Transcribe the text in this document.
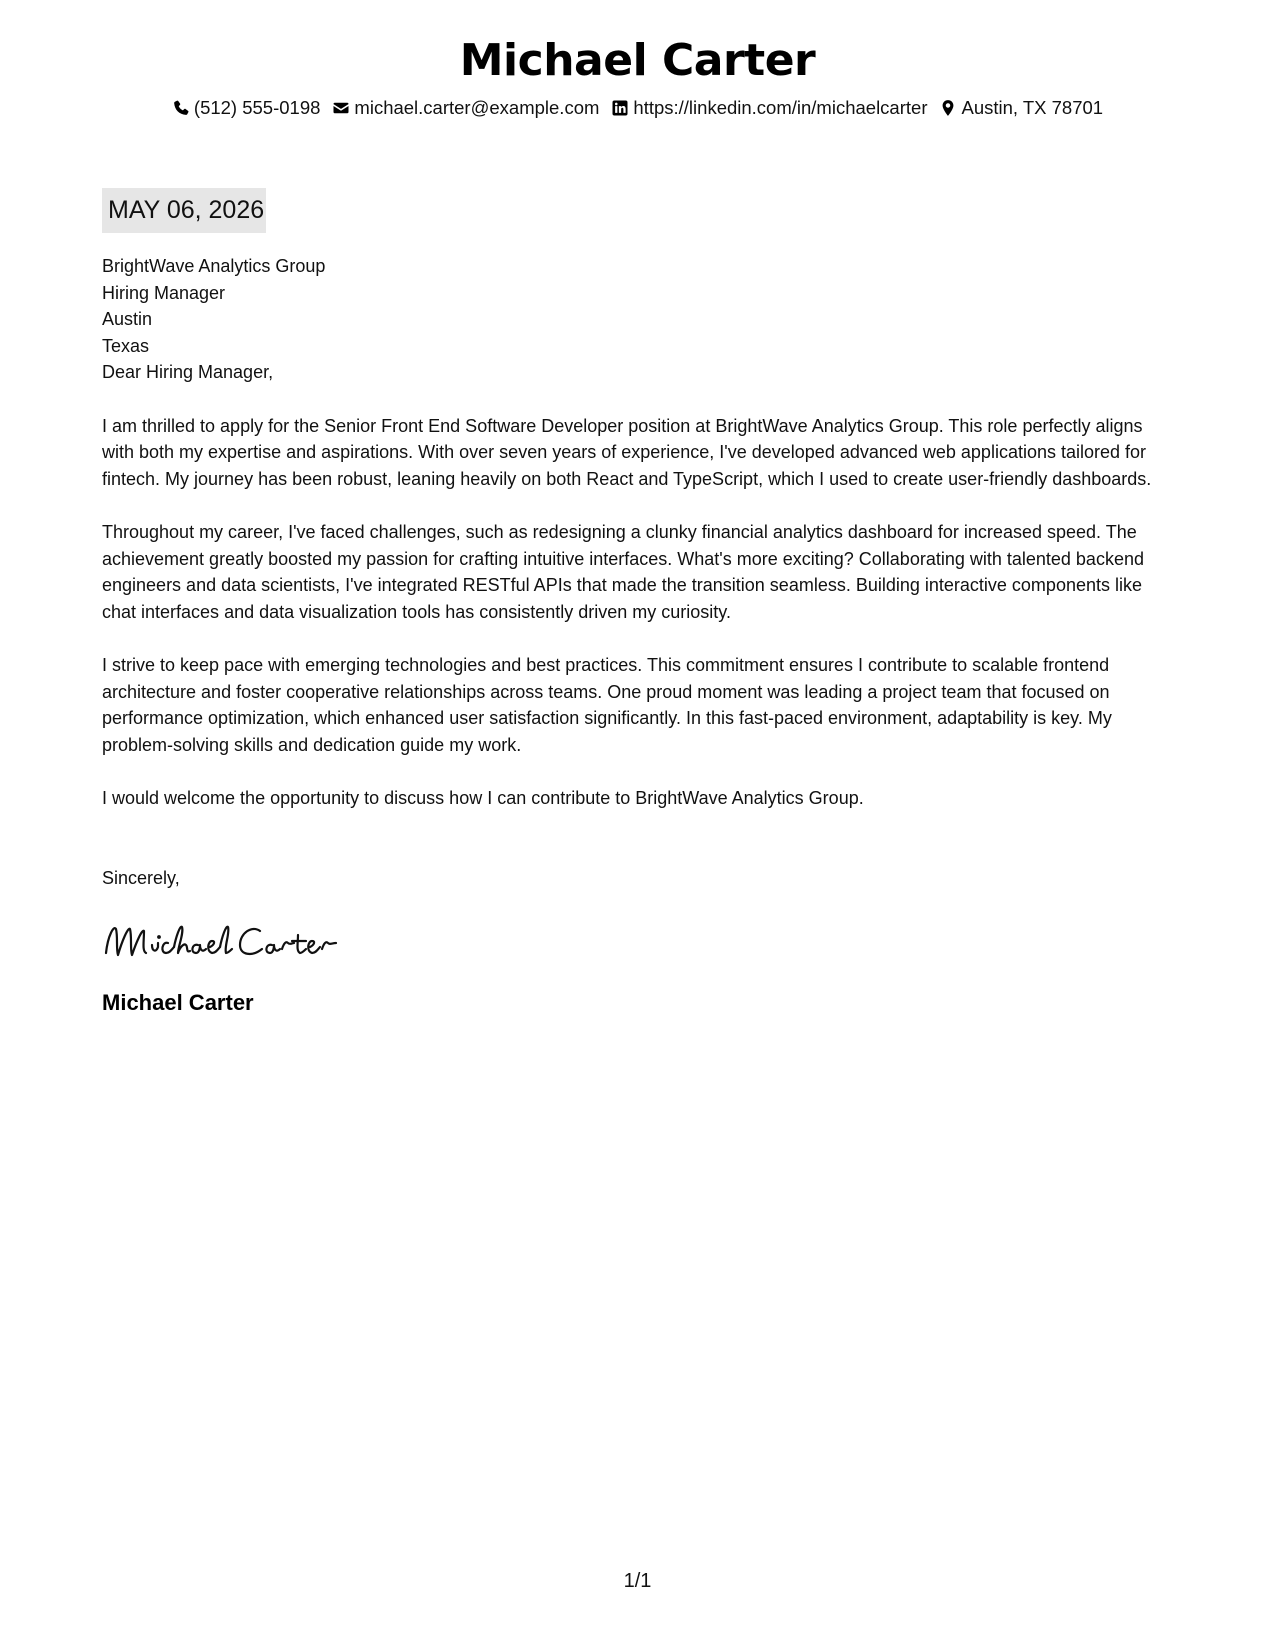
Michael Carter
(512) 555-0198 michael.carter@example.com https://linkedin.com/in/michaelcarter Austin, TX 78701
MAY 06, 2026
BrightWave Analytics Group
Hiring Manager
Austin
Texas
Dear Hiring Manager,

I am thrilled to apply for the Senior Front End Software Developer position at BrightWave Analytics Group. This role perfectly aligns with both my expertise and aspirations. With over seven years of experience, I've developed advanced web applications tailored for fintech. My journey has been robust, leaning heavily on both React and TypeScript, which I used to create user-friendly dashboards.

Throughout my career, I've faced challenges, such as redesigning a clunky financial analytics dashboard for increased speed. The achievement greatly boosted my passion for crafting intuitive interfaces. What's more exciting? Collaborating with talented backend engineers and data scientists, I've integrated RESTful APIs that made the transition seamless. Building interactive components like chat interfaces and data visualization tools has consistently driven my curiosity.

I strive to keep pace with emerging technologies and best practices. This commitment ensures I contribute to scalable frontend architecture and foster cooperative relationships across teams. One proud moment was leading a project team that focused on performance optimization, which enhanced user satisfaction significantly. In this fast-paced environment, adaptability is key. My problem-solving skills and dedication guide my work.

I would welcome the opportunity to discuss how I can contribute to BrightWave Analytics Group.

Sincerely,
Michael Carter
1/1
